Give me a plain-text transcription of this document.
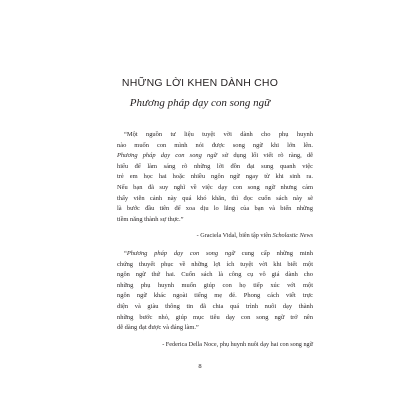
NHỮNG LỜI KHEN DÀNH CHO
Phương pháp dạy con song ngữ
“Một nguồn tư liệu tuyệt vời dành cho phụ huynh
nào muốn con mình nói được song ngữ khi lớn lên.
Phương pháp dạy con song ngữ sử dụng lối viết rõ ràng, dễ
hiểu để làm sáng rõ những lời đồn đại sung quanh việc
trẻ em học hai hoặc nhiều ngôn ngữ ngay từ khi sinh ra.
Nếu bạn đã suy nghĩ về việc dạy con song ngữ nhưng cảm
thấy viễn cảnh này quá khó khăn, thì đọc cuốn sách này sẽ
là bước đầu tiên để xoa dịu lo lắng của bạn và biến những
tiềm năng thành sự thực.”
- Graciela Vidal, biên tập viên Scholastic News
“Phương pháp dạy con song ngữ cung cấp những minh
chứng thuyết phục về những lợi ích tuyệt vời khi biết một
ngôn ngữ thứ hai. Cuốn sách là công cụ vô giá dành cho
những phụ huynh muốn giúp con họ tiếp xúc với một
ngôn ngữ khác ngoài tiếng mẹ đẻ. Phong cách viết trực
diện và giàu thông tin đã chia quá trình nuôi dạy thành
những bước nhỏ, giúp mục tiêu dạy con song ngữ trở nên
dễ dàng đạt được và đáng làm.”
- Federica Della Noce, phụ huynh nuôi dạy hai con song ngữ
8
